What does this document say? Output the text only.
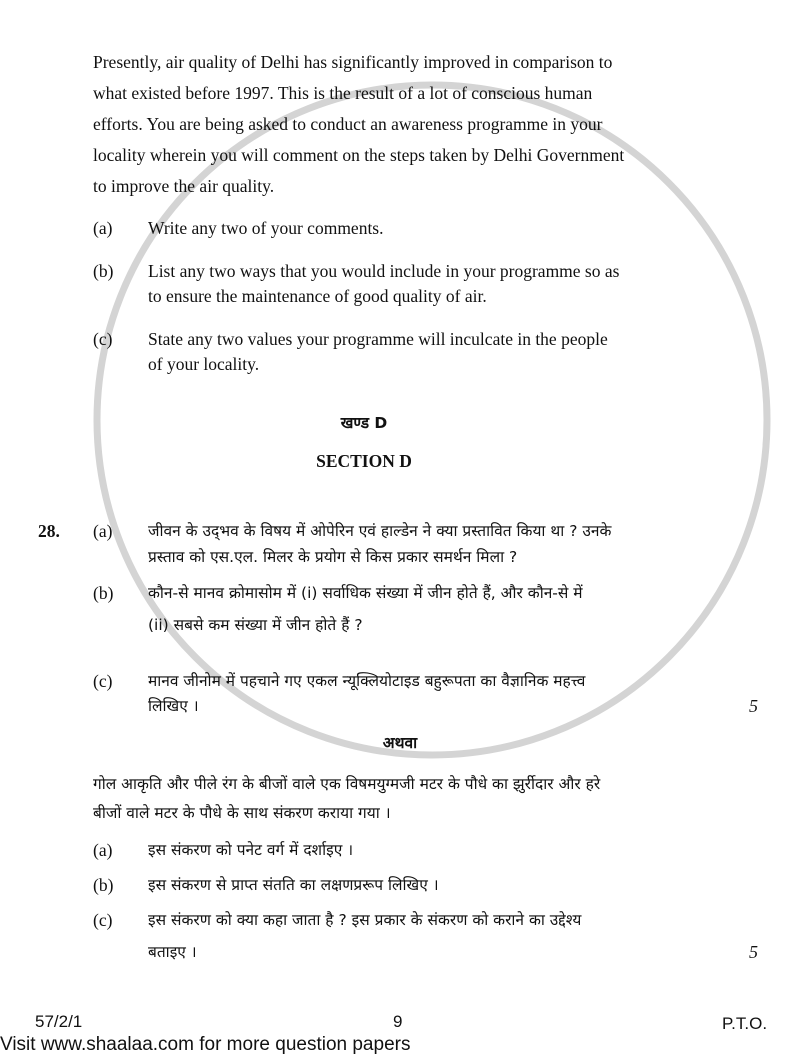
Presently, air quality of Delhi has significantly improved in comparison to
what existed before 1997. This is the result of a lot of conscious human
efforts. You are being asked to conduct an awareness programme in your
locality wherein you will comment on the steps taken by Delhi Government
to improve the air quality.
(a) Write any two of your comments.
(b) List any two ways that you would include in your programme so as
to ensure the maintenance of good quality of air.
(c) State any two values your programme will inculcate in the people
of your locality.
खण्ड D
SECTION D
28. (a) जीवन के उद्‌भव के विषय में ओपेरिन एवं हाल्डेन ने क्या प्रस्तावित किया था ? उनके
प्रस्ताव को एस.एल. मिलर के प्रयोग से किस प्रकार समर्थन मिला ?
(b) कौन-से मानव क्रोमासोम में (i) सर्वाधिक संख्या में जीन होते हैं, और कौन-से में
(ii) सबसे कम संख्या में जीन होते हैं ?
(c) मानव जीनोम में पहचाने गए एकल न्यूक्लियोटाइड बहुरूपता का वैज्ञानिक महत्त्व
लिखिए ।	5
अथवा
गोल आकृति और पीले रंग के बीजों वाले एक विषमयुग्मजी मटर के पौधे का झुर्रीदार और हरे
बीजों वाले मटर के पौधे के साथ संकरण कराया गया ।
(a) इस संकरण को पनेट वर्ग में दर्शाइए ।
(b) इस संकरण से प्राप्त संतति का लक्षणप्ररूप लिखिए ।
(c) इस संकरण को क्या कहा जाता है ? इस प्रकार के संकरण को कराने का उद्देश्य
बताइए ।	5
57/2/1	9	P.T.O.
Visit www.shaalaa.com for more question papers
